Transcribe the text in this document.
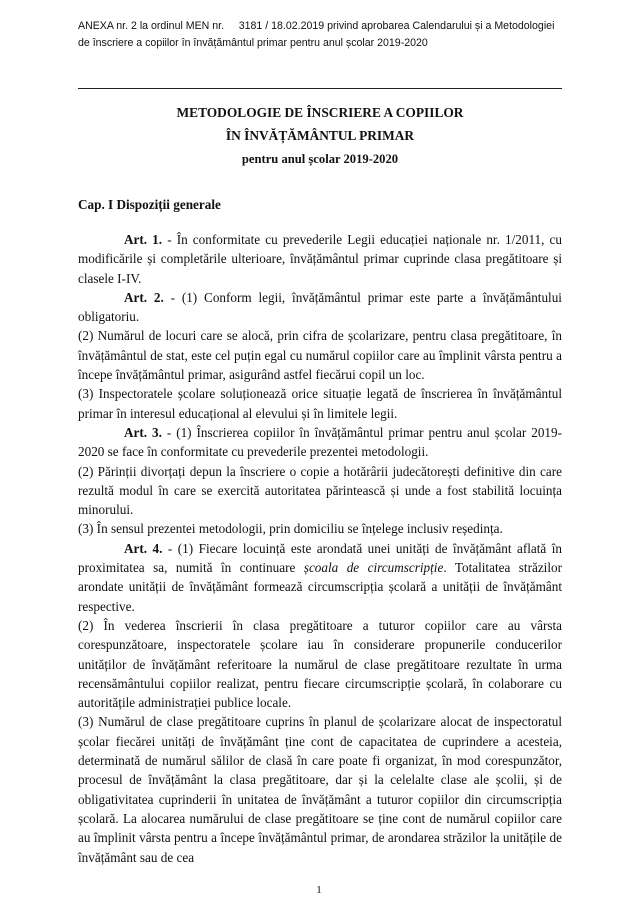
ANEXA nr. 2 la ordinul MEN nr.     3181 / 18.02.2019 privind aprobarea Calendarului și a Metodologiei
de înscriere a copiilor în învățământul primar pentru anul școlar 2019-2020
METODOLOGIE DE ÎNSCRIERE A COPIILOR
ÎN ÎNVĂȚĂMÂNTUL PRIMAR
pentru anul școlar 2019-2020
Cap. I Dispoziții generale

Art. 1. - În conformitate cu prevederile Legii educației naționale nr. 1/2011, cu modificările și completările ulterioare, învățământul primar cuprinde clasa pregătitoare și clasele I-IV.

Art. 2. - (1) Conform legii, învățământul primar este parte a învățământului obligatoriu.

(2) Numărul de locuri care se alocă, prin cifra de școlarizare, pentru clasa pregătitoare, în învățământul de stat, este cel puțin egal cu numărul copiilor care au împlinit vârsta pentru a începe învățământul primar, asigurând astfel fiecărui copil un loc.

(3) Inspectoratele școlare soluționează orice situație legată de înscrierea în învățământul primar în interesul educațional al elevului și în limitele legii.

Art. 3. - (1) Înscrierea copiilor în învățământul primar pentru anul școlar 2019-2020 se face în conformitate cu prevederile prezentei metodologii.

(2) Părinții divorțați depun la înscriere o copie a hotărârii judecătorești definitive din care rezultă modul în care se exercită autoritatea părintească și unde a fost stabilită locuința minorului.

(3) În sensul prezentei metodologii, prin domiciliu se înțelege inclusiv reședința.

Art. 4. - (1) Fiecare locuință este arondată unei unități de învățământ aflată în proximitatea sa, numită în continuare școala de circumscripție. Totalitatea străzilor arondate unității de învățământ formează circumscripția școlară a unității de învățământ respective.

(2) În vederea înscrierii în clasa pregătitoare a tuturor copiilor care au vârsta corespunzătoare, inspectoratele școlare iau în considerare propunerile conducerilor unităților de învățământ referitoare la numărul de clase pregătitoare rezultate în urma recensământului copiilor realizat, pentru fiecare circumscripție școlară, în colaborare cu autoritățile administrației publice locale.

(3) Numărul de clase pregătitoare cuprins în planul de școlarizare alocat de inspectoratul școlar fiecărei unități de învățământ ține cont de capacitatea de cuprindere a acesteia, determinată de numărul sălilor de clasă în care poate fi organizat, în mod corespunzător, procesul de învățământ la clasa pregătitoare, dar și la celelalte clase ale școlii, și de obligativitatea cuprinderii în unitatea de învățământ a tuturor copiilor din circumscripția școlară. La alocarea numărului de clase pregătitoare se ține cont de numărul copiilor care au împlinit vârsta pentru a începe învățământul primar, de arondarea străzilor la unitățile de învățământ sau de cea

1
